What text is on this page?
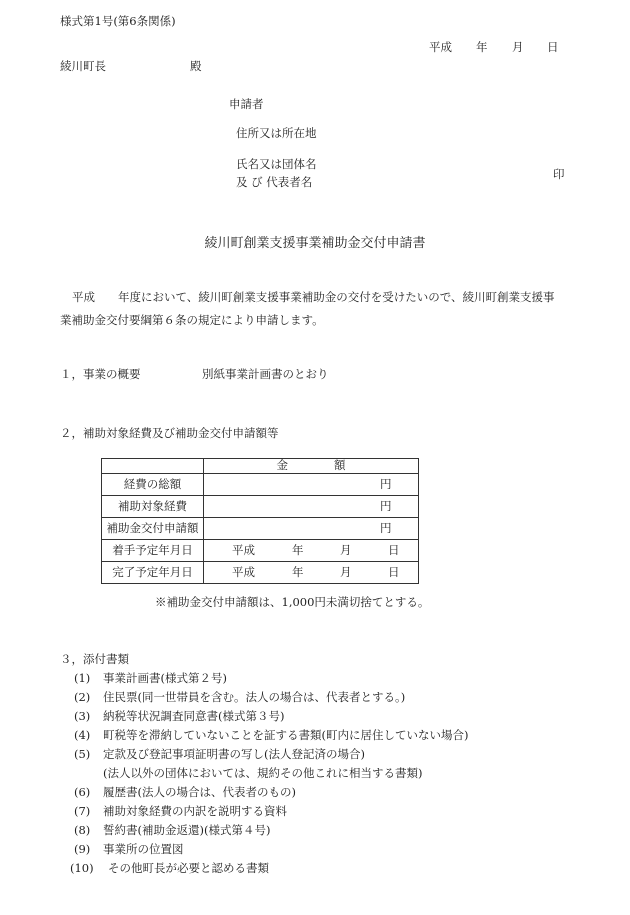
様式第1号(第6条関係)
平成 年 月 日
綾川町長	殿
申請者
住所又は所在地
氏名又は団体名
及 び 代表者名
印
綾川町創業支援事業補助金交付申請書
平成　　年度において、綾川町創業支援事業補助金の交付を受けたいので、綾川町創業支援事
業補助金交付要綱第６条の規定により申請します。
１，事業の概要	別紙事業計画書のとおり
２，補助対象経費及び補助金交付申請額等
	金　　　　額
経費の総額	円

補助対象経費	円

補助金交付申請額	円

着手予定年月日	平成 年 月 日

完了予定年月日	平成 年 月 日
※補助金交付申請額は、1,000円未満切捨てとする。
３，添付書類
(1) 事業計画書(様式第２号)
(2) 住民票(同一世帯員を含む。法人の場合は、代表者とする。)
(3) 納税等状況調査同意書(様式第３号)
(4) 町税等を滞納していないことを証する書類(町内に居住していない場合)
(5) 定款及び登記事項証明書の写し(法人登記済の場合)
(法人以外の団体においては、規約その他これに相当する書類)
(6) 履歴書(法人の場合は、代表者のもの)
(7) 補助対象経費の内訳を説明する資料
(8) 誓約書(補助金返還)(様式第４号)
(9) 事業所の位置図
(10) その他町長が必要と認める書類
